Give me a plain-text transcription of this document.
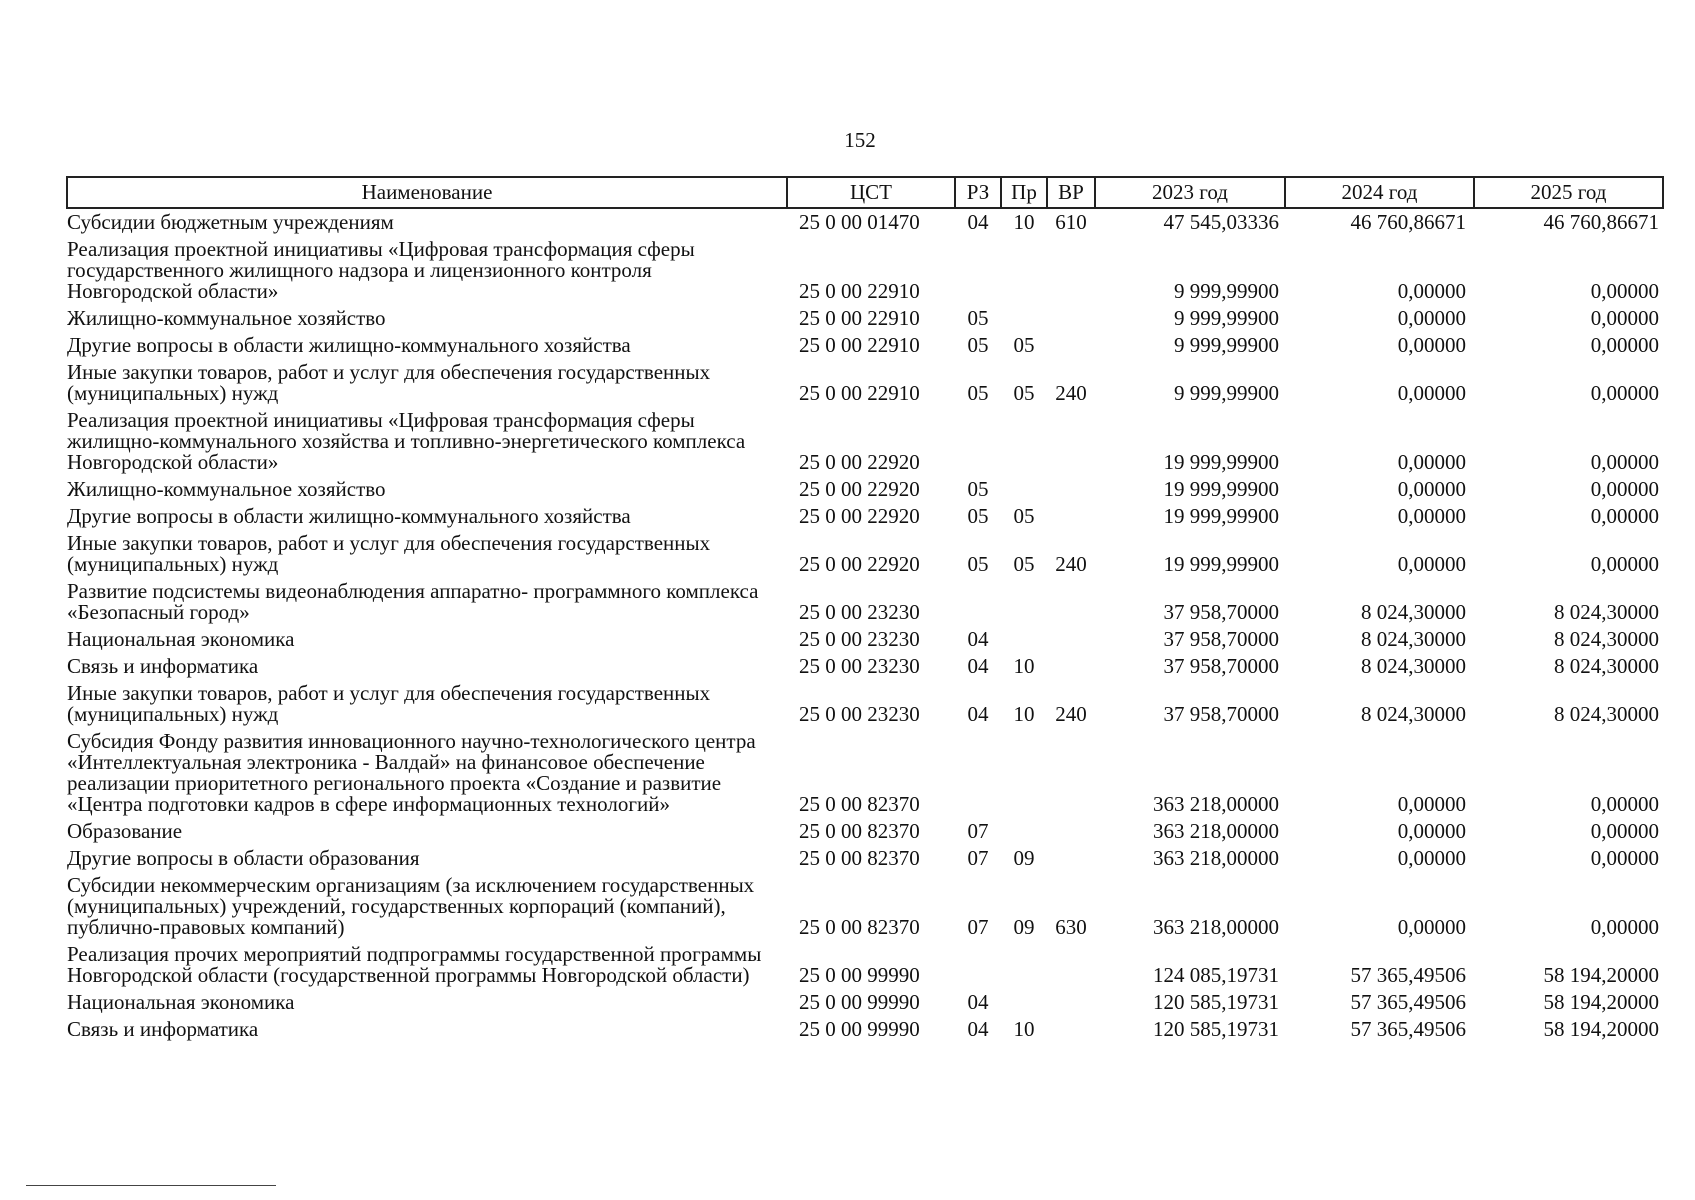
152
Наименование	ЦСТ	РЗ	Пр	ВР	2023 год	2024 год	2025 год
Субсидии бюджетным учреждениям	25 0 00 01470	04	10	610	47 545,03336	46 760,86671	46 760,86671
Реализация проектной инициативы «Цифровая трансформация сферы государственного жилищного надзора и лицензионного контроля Новгородской области»	25 0 00 22910				9 999,99900	0,00000	0,00000
Жилищно-коммунальное хозяйство	25 0 00 22910	05			9 999,99900	0,00000	0,00000
Другие вопросы в области жилищно-коммунального хозяйства	25 0 00 22910	05	05		9 999,99900	0,00000	0,00000
Иные закупки товаров, работ и услуг для обеспечения государственных (муниципальных) нужд	25 0 00 22910	05	05	240	9 999,99900	0,00000	0,00000
Реализация проектной инициативы «Цифровая трансформация сферы жилищно-коммунального хозяйства и топливно-энергетического комплекса Новгородской области»	25 0 00 22920				19 999,99900	0,00000	0,00000
Жилищно-коммунальное хозяйство	25 0 00 22920	05			19 999,99900	0,00000	0,00000
Другие вопросы в области жилищно-коммунального хозяйства	25 0 00 22920	05	05		19 999,99900	0,00000	0,00000
Иные закупки товаров, работ и услуг для обеспечения государственных (муниципальных) нужд	25 0 00 22920	05	05	240	19 999,99900	0,00000	0,00000
Развитие подсистемы видеонаблюдения аппаратно- программного комплекса «Безопасный город»	25 0 00 23230				37 958,70000	8 024,30000	8 024,30000
Национальная экономика	25 0 00 23230	04			37 958,70000	8 024,30000	8 024,30000
Связь и информатика	25 0 00 23230	04	10		37 958,70000	8 024,30000	8 024,30000
Иные закупки товаров, работ и услуг для обеспечения государственных (муниципальных) нужд	25 0 00 23230	04	10	240	37 958,70000	8 024,30000	8 024,30000
Субсидия Фонду развития инновационного научно-технологического центра «Интеллектуальная электроника - Валдай» на финансовое обеспечение реализации приоритетного регионального проекта «Создание и развитие «Центра подготовки кадров в сфере информационных технологий»	25 0 00 82370				363 218,00000	0,00000	0,00000
Образование	25 0 00 82370	07			363 218,00000	0,00000	0,00000
Другие вопросы в области образования	25 0 00 82370	07	09		363 218,00000	0,00000	0,00000
Субсидии некоммерческим организациям (за исключением государственных (муниципальных) учреждений, государственных корпораций (компаний), публично-правовых компаний)	25 0 00 82370	07	09	630	363 218,00000	0,00000	0,00000
Реализация прочих мероприятий подпрограммы государственной программы Новгородской области (государственной программы Новгородской области)	25 0 00 99990				124 085,19731	57 365,49506	58 194,20000
Национальная экономика	25 0 00 99990	04			120 585,19731	57 365,49506	58 194,20000
Связь и информатика	25 0 00 99990	04	10		120 585,19731	57 365,49506	58 194,20000
